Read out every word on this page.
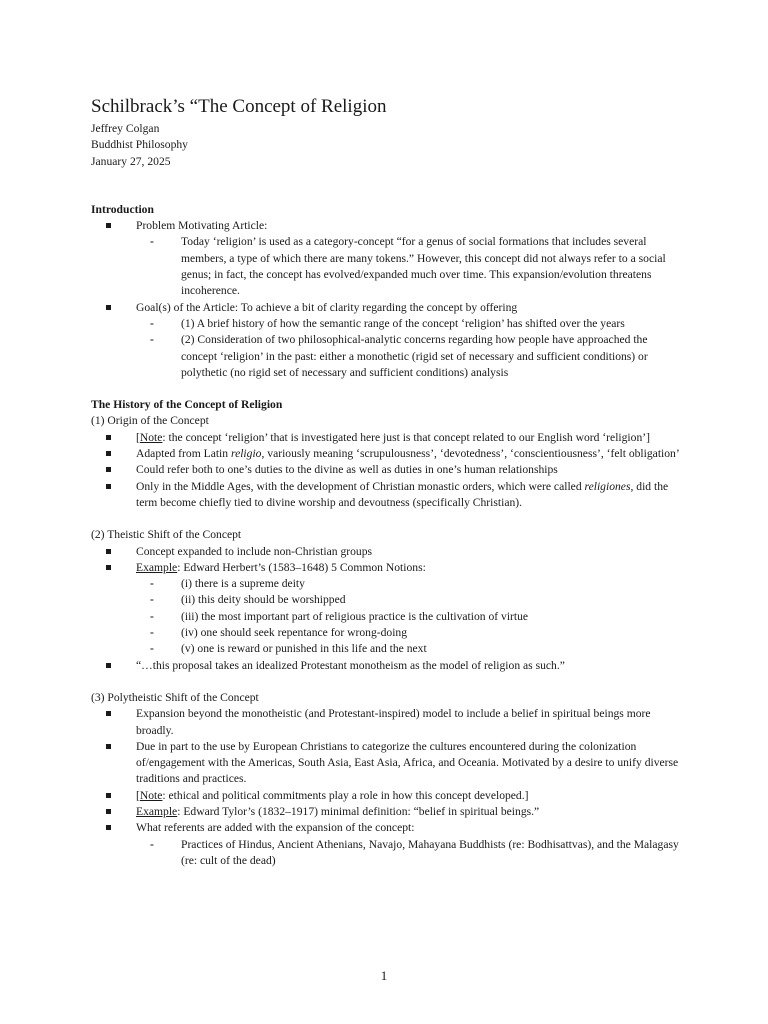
Schilbrack’s “The Concept of Religion

Jeffrey Colgan

Buddhist Philosophy

January 27, 2025

Introduction

Problem Motivating Article:
- Today ‘religion’ is used as a category-concept “for a genus of social formations that includes several members, a type of which there are many tokens.” However, this concept did not always refer to a social genus; in fact, the concept has evolved/expanded much over time. This expansion/evolution threatens incoherence.
Goal(s) of the Article: To achieve a bit of clarity regarding the concept by offering
- (1) A brief history of how the semantic range of the concept ‘religion’ has shifted over the years
- (2) Consideration of two philosophical-analytic concerns regarding how people have approached the concept ‘religion’ in the past: either a monothetic (rigid set of necessary and sufficient conditions) or polythetic (no rigid set of necessary and sufficient conditions) analysis

The History of the Concept of Religion

(1) Origin of the Concept

[Note: the concept ‘religion’ that is investigated here just is that concept related to our English word ‘religion’]
Adapted from Latin religio, variously meaning ‘scrupulousness’, ‘devotedness’, ‘conscientiousness’, ‘felt obligation’
Could refer both to one’s duties to the divine as well as duties in one’s human relationships
Only in the Middle Ages, with the development of Christian monastic orders, which were called religiones, did the term become chiefly tied to divine worship and devoutness (specifically Christian).

(2) Theistic Shift of the Concept

Concept expanded to include non-Christian groups
Example: Edward Herbert’s (1583–1648) 5 Common Notions:
- (i) there is a supreme deity
- (ii) this deity should be worshipped
- (iii) the most important part of religious practice is the cultivation of virtue
- (iv) one should seek repentance for wrong-doing
- (v) one is reward or punished in this life and the next
“…this proposal takes an idealized Protestant monotheism as the model of religion as such.”

(3) Polytheistic Shift of the Concept

Expansion beyond the monotheistic (and Protestant-inspired) model to include a belief in spiritual beings more broadly.
Due in part to the use by European Christians to categorize the cultures encountered during the colonization of/engagement with the Americas, South Asia, East Asia, Africa, and Oceania. Motivated by a desire to unify diverse traditions and practices.
[Note: ethical and political commitments play a role in how this concept developed.]
Example: Edward Tylor’s (1832–1917) minimal definition: “belief in spiritual beings.”
What referents are added with the expansion of the concept:
- Practices of Hindus, Ancient Athenians, Navajo, Mahayana Buddhists (re: Bodhisattvas), and the Malagasy (re: cult of the dead)
1
